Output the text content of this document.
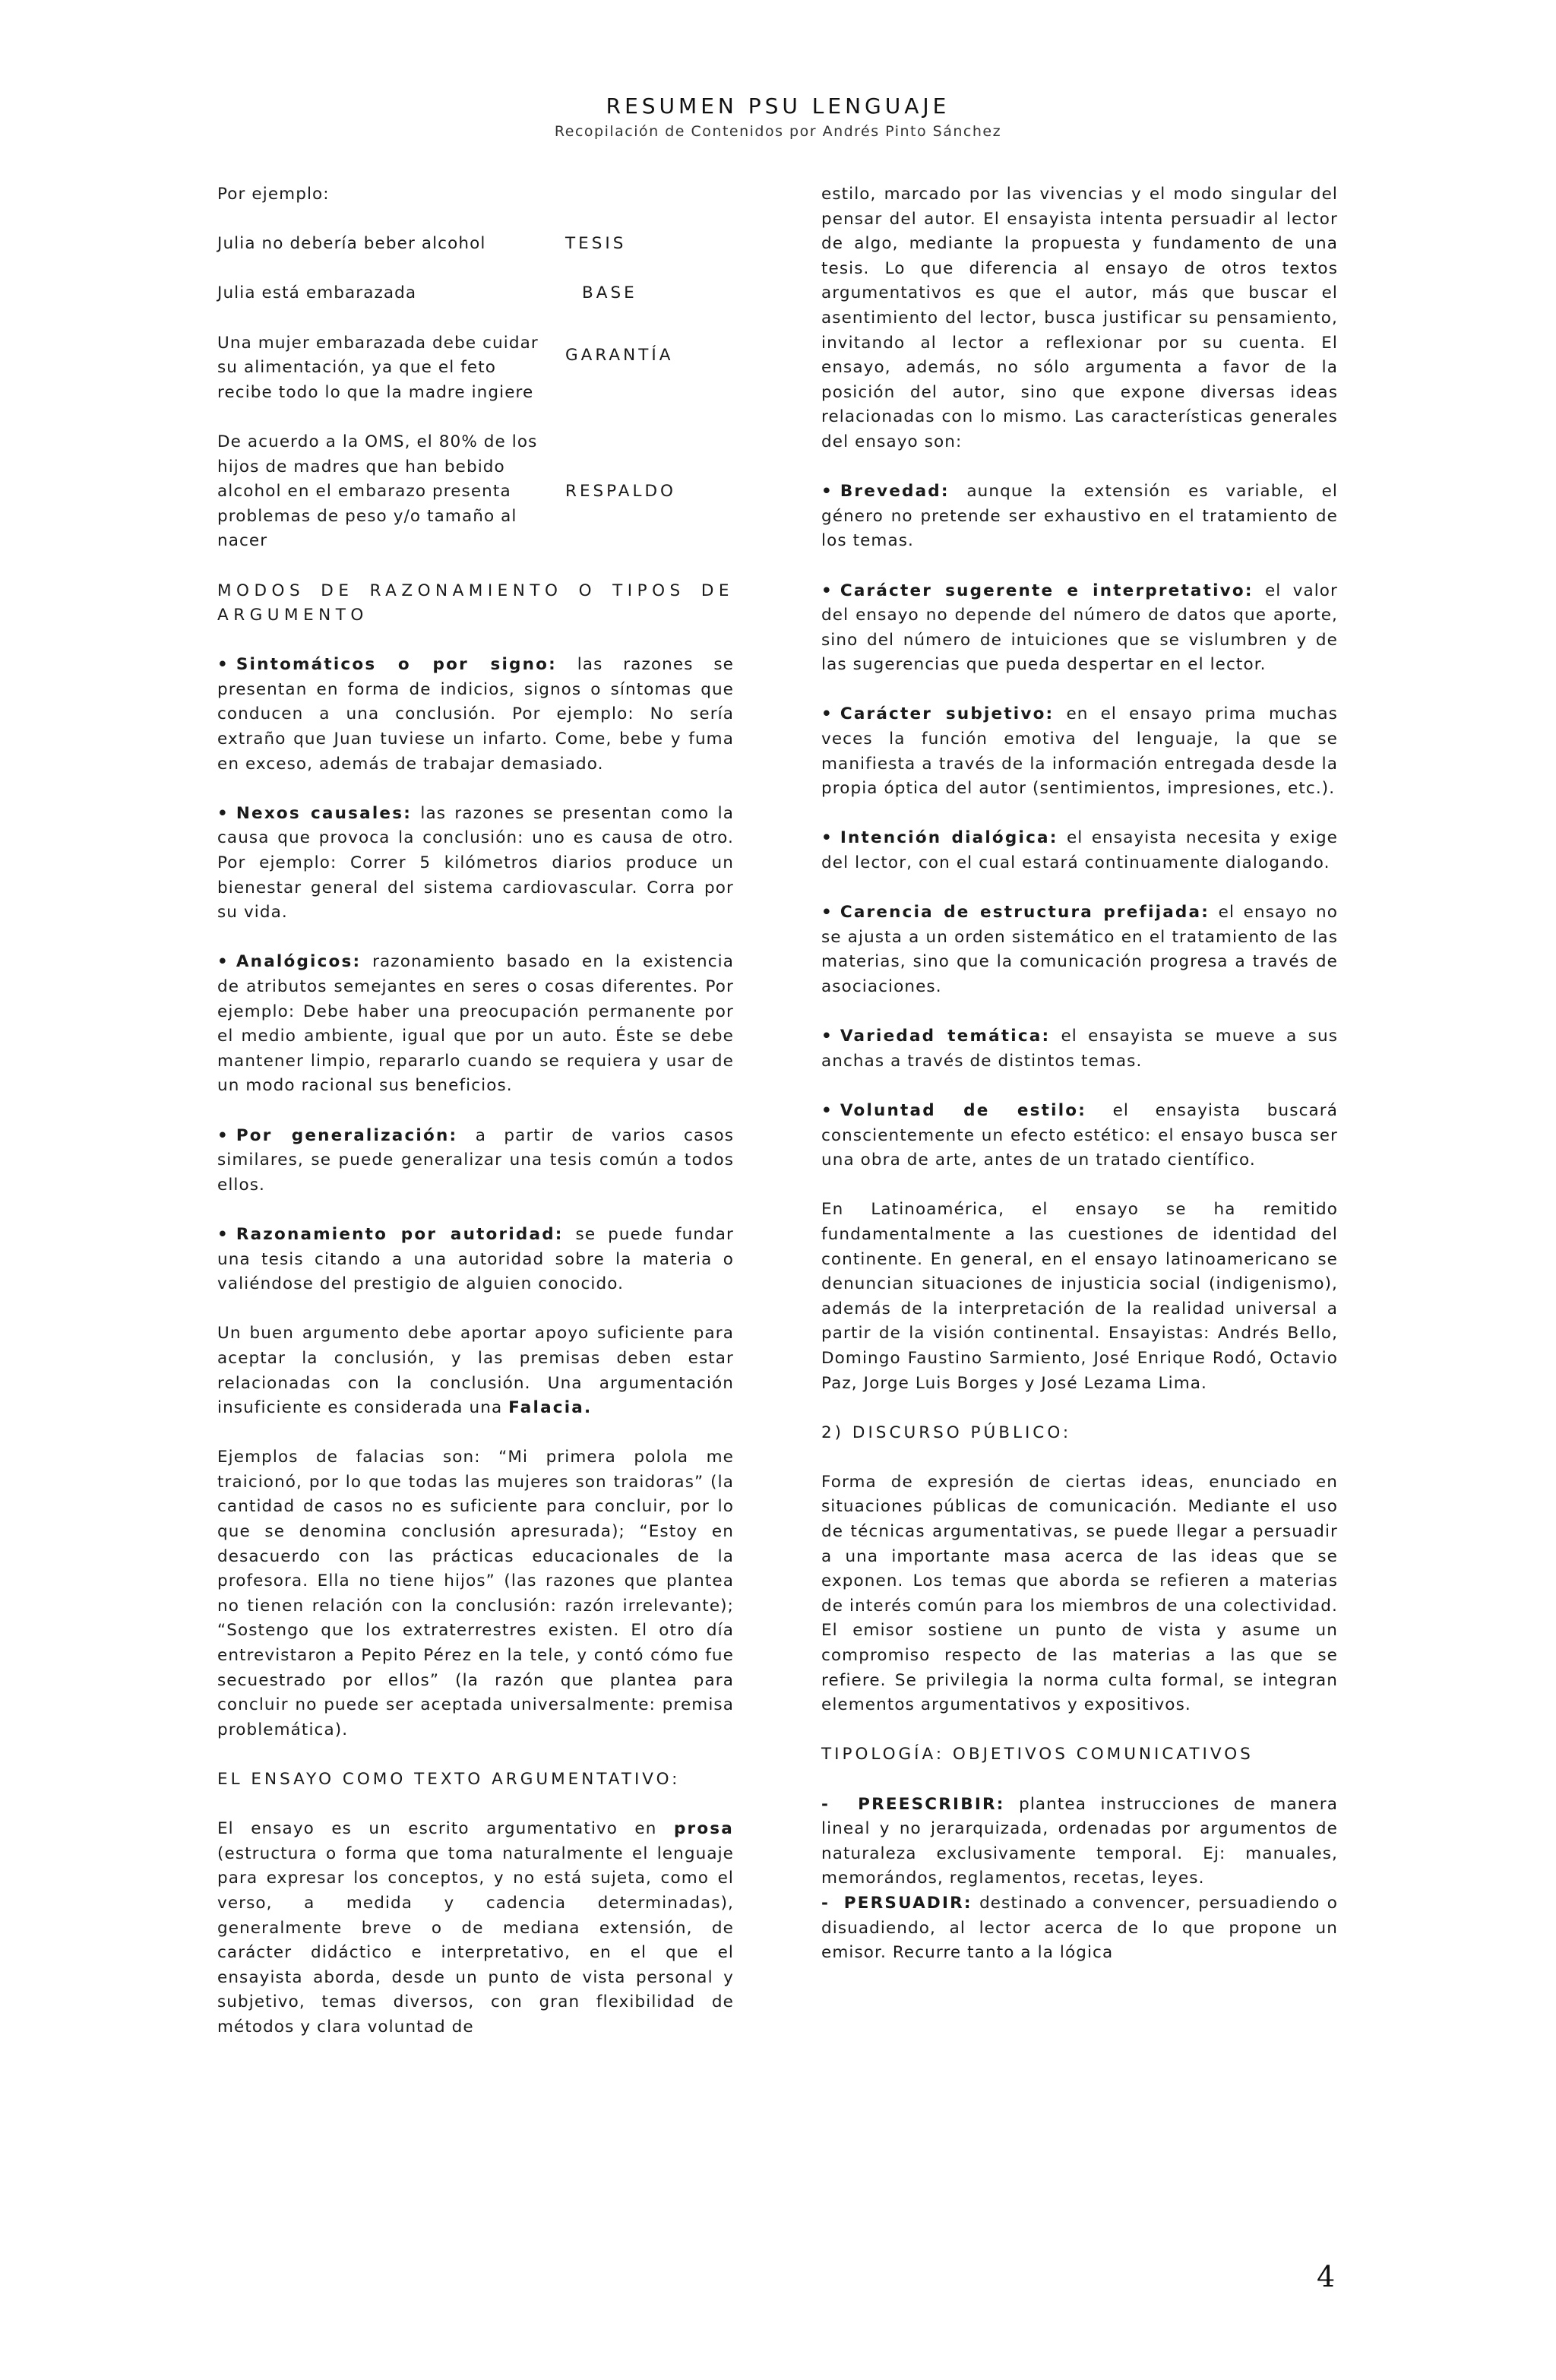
RESUMEN PSU LENGUAJE
Recopilación de Contenidos por Andrés Pinto Sánchez

Por ejemplo:

Julia no debería beber alcohol	TESIS
Julia está embarazada	BASE
Una mujer embarazada debe cuidar su alimentación, ya que el feto recibe todo lo que la madre ingiere
GARANTÍA
De acuerdo a la OMS, el 80% de los hijos de madres que han bebido alcohol en el embarazo presenta problemas de peso y/o tamaño al nacer
RESPALDO

MODOS DE RAZONAMIENTO O TIPOS DE ARGUMENTO

• Sintomáticos o por signo: las razones se presentan en forma de indicios, signos o síntomas que conducen a una conclusión. Por ejemplo: No sería extraño que Juan tuviese un infarto. Come, bebe y fuma en exceso, además de trabajar demasiado.

• Nexos causales: las razones se presentan como la causa que provoca la conclusión: uno es causa de otro. Por ejemplo: Correr 5 kilómetros diarios produce un bienestar general del sistema cardiovascular. Corra por su vida.

• Analógicos: razonamiento basado en la existencia de atributos semejantes en seres o cosas diferentes. Por ejemplo: Debe haber una preocupación permanente por el medio ambiente, igual que por un auto. Éste se debe mantener limpio, repararlo cuando se requiera y usar de un modo racional sus beneficios.

• Por generalización: a partir de varios casos similares, se puede generalizar una tesis común a todos ellos.

• Razonamiento por autoridad: se puede fundar una tesis citando a una autoridad sobre la materia o valiéndose del prestigio de alguien conocido.

Un buen argumento debe aportar apoyo suficiente para aceptar la conclusión, y las premisas deben estar relacionadas con la conclusión. Una argumentación insuficiente es considerada una Falacia.

Ejemplos de falacias son: “Mi primera polola me traicionó, por lo que todas las mujeres son traidoras” (la cantidad de casos no es suficiente para concluir, por lo que se denomina conclusión apresurada); “Estoy en desacuerdo con las prácticas educacionales de la profesora. Ella no tiene hijos” (las razones que plantea no tienen relación con la conclusión: razón irrelevante); “Sostengo que los extraterrestres existen. El otro día entrevistaron a Pepito Pérez en la tele, y contó cómo fue secuestrado por ellos” (la razón que plantea para concluir no puede ser aceptada universalmente: premisa problemática).

EL ENSAYO COMO TEXTO ARGUMENTATIVO:

El ensayo es un escrito argumentativo en prosa (estructura o forma que toma naturalmente el lenguaje para expresar los conceptos, y no está sujeta, como el verso, a medida y cadencia determinadas), generalmente breve o de mediana extensión, de carácter didáctico e interpretativo, en el que el ensayista aborda, desde un punto de vista personal y subjetivo, temas diversos, con gran flexibilidad de métodos y clara voluntad de

estilo, marcado por las vivencias y el modo singular del pensar del autor. El ensayista intenta persuadir al lector de algo, mediante la propuesta y fundamento de una tesis. Lo que diferencia al ensayo de otros textos argumentativos es que el autor, más que buscar el asentimiento del lector, busca justificar su pensamiento, invitando al lector a reflexionar por su cuenta. El ensayo, además, no sólo argumenta a favor de la posición del autor, sino que expone diversas ideas relacionadas con lo mismo. Las características generales del ensayo son:

• Brevedad: aunque la extensión es variable, el género no pretende ser exhaustivo en el tratamiento de los temas.

• Carácter sugerente e interpretativo: el valor del ensayo no depende del número de datos que aporte, sino del número de intuiciones que se vislumbren y de las sugerencias que pueda despertar en el lector.

• Carácter subjetivo: en el ensayo prima muchas veces la función emotiva del lenguaje, la que se manifiesta a través de la información entregada desde la propia óptica del autor (sentimientos, impresiones, etc.).

• Intención dialógica: el ensayista necesita y exige del lector, con el cual estará continuamente dialogando.

• Carencia de estructura prefijada: el ensayo no se ajusta a un orden sistemático en el tratamiento de las materias, sino que la comunicación progresa a través de asociaciones.

• Variedad temática: el ensayista se mueve a sus anchas a través de distintos temas.

• Voluntad de estilo: el ensayista buscará conscientemente un efecto estético: el ensayo busca ser una obra de arte, antes de un tratado científico.

En Latinoamérica, el ensayo se ha remitido fundamentalmente a las cuestiones de identidad del continente. En general, en el ensayo latinoamericano se denuncian situaciones de injusticia social (indigenismo), además de la interpretación de la realidad universal a partir de la visión continental. Ensayistas: Andrés Bello, Domingo Faustino Sarmiento, José Enrique Rodó, Octavio Paz, Jorge Luis Borges y José Lezama Lima.

2) DISCURSO PÚBLICO:

Forma de expresión de ciertas ideas, enunciado en situaciones públicas de comunicación. Mediante el uso de técnicas argumentativas, se puede llegar a persuadir a una importante masa acerca de las ideas que se exponen. Los temas que aborda se refieren a materias de interés común para los miembros de una colectividad. El emisor sostiene un punto de vista y asume un compromiso respecto de las materias a las que se refiere. Se privilegia la norma culta formal, se integran elementos argumentativos y expositivos.

TIPOLOGÍA: OBJETIVOS COMUNICATIVOS

- PREESCRIBIR: plantea instrucciones de manera lineal y no jerarquizada, ordenadas por argumentos de naturaleza exclusivamente temporal. Ej: manuales, memorándos, reglamentos, recetas, leyes.

- PERSUADIR: destinado a convencer, persuadiendo o disuadiendo, al lector acerca de lo que propone un emisor. Recurre tanto a la lógica

4
